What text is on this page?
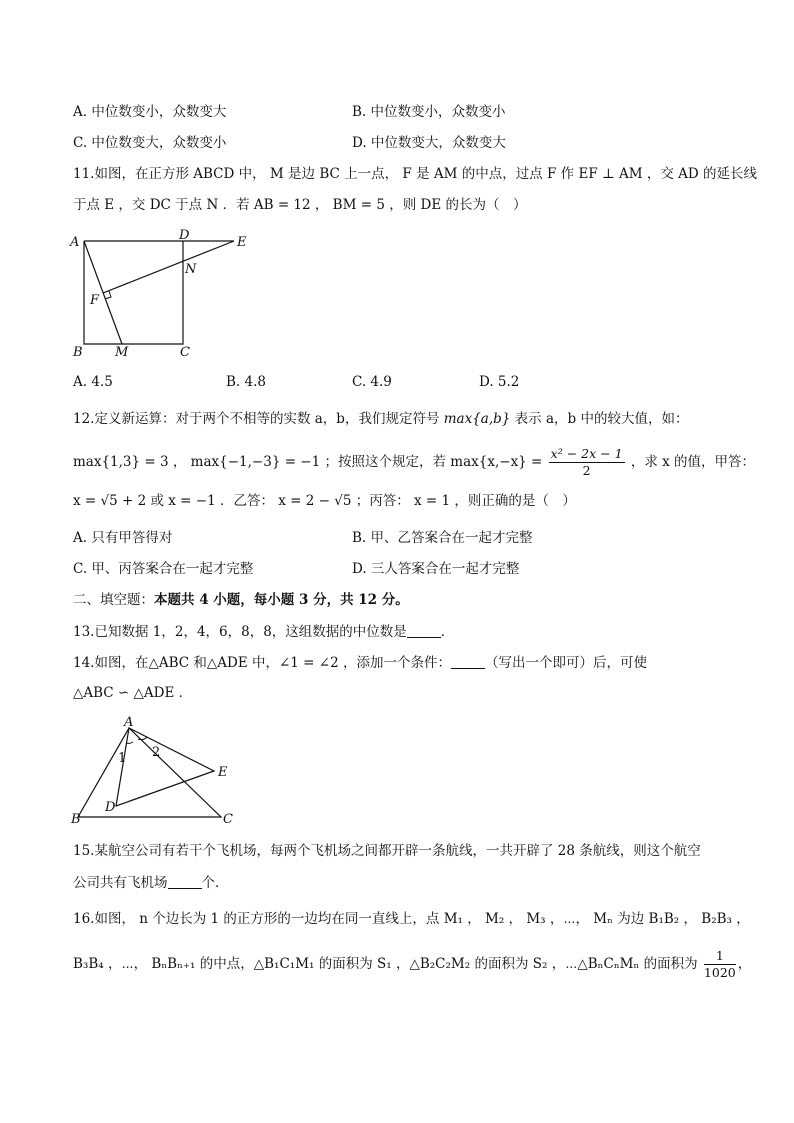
A. 中位数变小，众数变大	B. 中位数变小，众数变小
C. 中位数变大，众数变小	D. 中位数变大，众数变大
11.如图，在正方形 ABCD 中， M 是边 BC 上一点， F 是 AM 的中点，过点 F 作 EF ⊥ AM ，交 AD 的延长线
于点 E ，交 DC 于点 N ．若 AB = 12 ， BM = 5 ，则 DE 的长为（　）
A	D	E
N
F
B M	C
A. 4.5	B. 4.8	C. 4.9	D. 5.2
12.定义新运算：对于两个不相等的实数 a，b，我们规定符号 max{a,b} 表示 a，b 中的较大值，如：
max{1,3} = 3 ， max{−1,−3} = −1 ；按照这个规定，若 $\max\{x,-x\} = \frac{\text{x² − 2x − 1}}{2}$ ，求 x 的值，甲答：
x = √5 + 2 或 x = −1 ．乙答： x = 2 − √5 ；丙答： x = 1 ，则正确的是（　）
A. 只有甲答得对	B. 甲、乙答案合在一起才完整
C. 甲、丙答案合在一起才完整	D. 三人答案合在一起才完整
二、填空题：本题共 4 小题，每小题 3 分，共 12 分。
13.已知数据 1，2，4，6，8，8，这组数据的中位数是	．
14.如图，在△ABC 和△ADE 中，∠1 = ∠2 ，添加一个条件：	（写出一个即可）后，可使
△ABC ∽ △ADE ．
A
1 2
E
D
B	C
15.某航空公司有若干个飞机场，每两个飞机场之间都开辟一条航线，一共开辟了 28 条航线，则这个航空
公司共有飞机场	个．
16.如图， n 个边长为 1 的正方形的一边均在同一直线上，点 M₁ ， M₂ ， M₃ ，⋯， Mₙ 为边 B₁B₂ ， B₂B₃ ，
B₃B₄ ，⋯， BₙBₙ₊₁ 的中点，△B₁C₁M₁ 的面积为 S₁ ，△B₂C₂M₂ 的面积为 S₂ ，⋯△BₙCₙMₙ 的面积为 $\frac{1}{1020}$ ，
